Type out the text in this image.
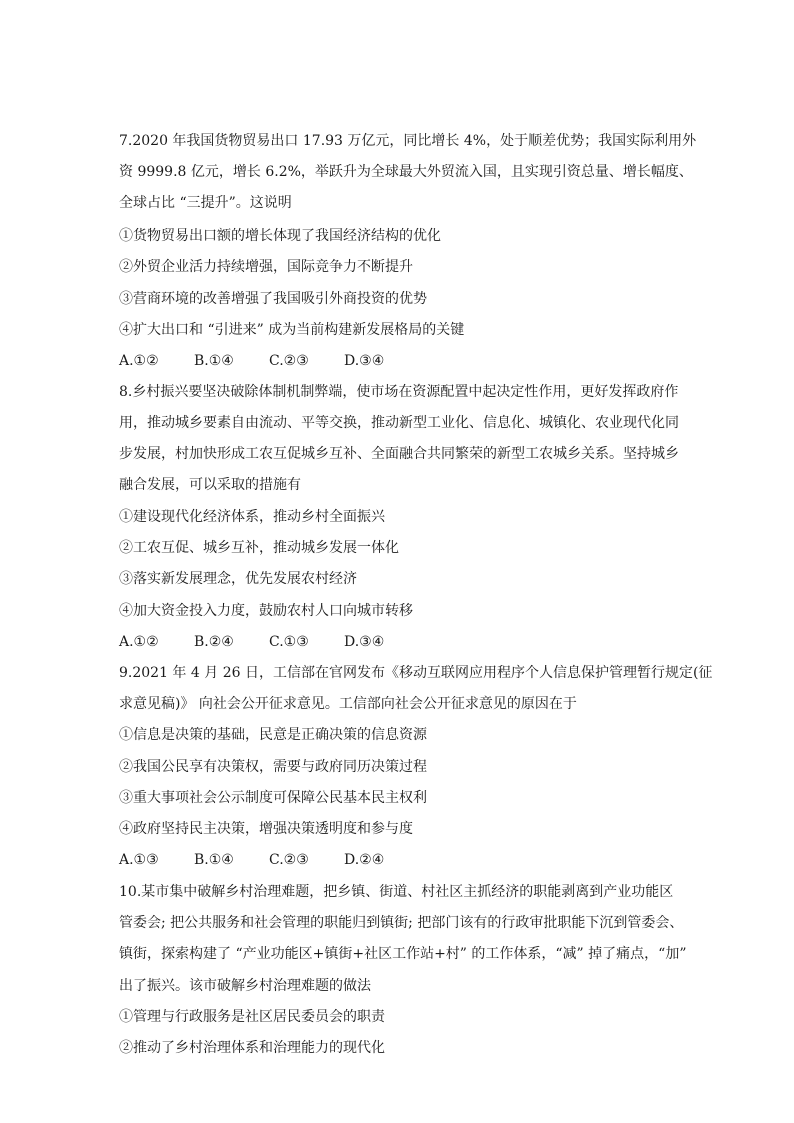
7.2020 年我国货物贸易出口 17.93 万亿元，同比增长 4%，处于顺差优势；我国实际利用外
资 9999.8 亿元，增长 6.2%，举跃升为全球最大外贸流入国，且实现引资总量、增长幅度、
全球占比 “三提升”。这说明
①货物贸易出口额的增长体现了我国经济结构的优化
②外贸企业活力持续增强，国际竞争力不断提升
③营商环境的改善增强了我国吸引外商投资的优势
④扩大出口和 “引进来” 成为当前构建新发展格局的关键
A.①②	B.①④	C.②③	D.③④
8.乡村振兴要坚决破除体制机制弊端，使市场在资源配置中起决定性作用，更好发挥政府作
用，推动城乡要素自由流动、平等交换，推动新型工业化、信息化、城镇化、农业现代化同
步发展，村加快形成工农互促城乡互补、全面融合共同繁荣的新型工农城乡关系。坚持城乡
融合发展，可以采取的措施有
①建设现代化经济体系，推动乡村全面振兴
②工农互促、城乡互补，推动城乡发展一体化
③落实新发展理念，优先发展农村经济
④加大资金投入力度，鼓励农村人口向城市转移
A.①②	B.②④	C.①③	D.③④
9.2021 年 4 月 26 日，工信部在官网发布《移动互联网应用程序个人信息保护管理暂行规定(征
求意见稿)》 向社会公开征求意见。工信部向社会公开征求意见的原因在于
①信息是决策的基础，民意是正确决策的信息资源
②我国公民享有决策权，需要与政府同历决策过程
③重大事项社会公示制度可保障公民基本民主权利
④政府坚持民主决策，增强决策透明度和参与度
A.①③	B.①④	C.②③	D.②④
10.某市集中破解乡村治理难题，把乡镇、街道、村社区主抓经济的职能剥离到产业功能区
管委会; 把公共服务和社会管理的职能归到镇街; 把部门该有的行政审批职能下沉到管委会、
镇街，探索构建了 “产业功能区+镇街+社区工作站+村” 的工作体系，“减” 掉了痛点，“加”
出了振兴。该市破解乡村治理难题的做法
①管理与行政服务是社区居民委员会的职责
②推动了乡村治理体系和治理能力的现代化
